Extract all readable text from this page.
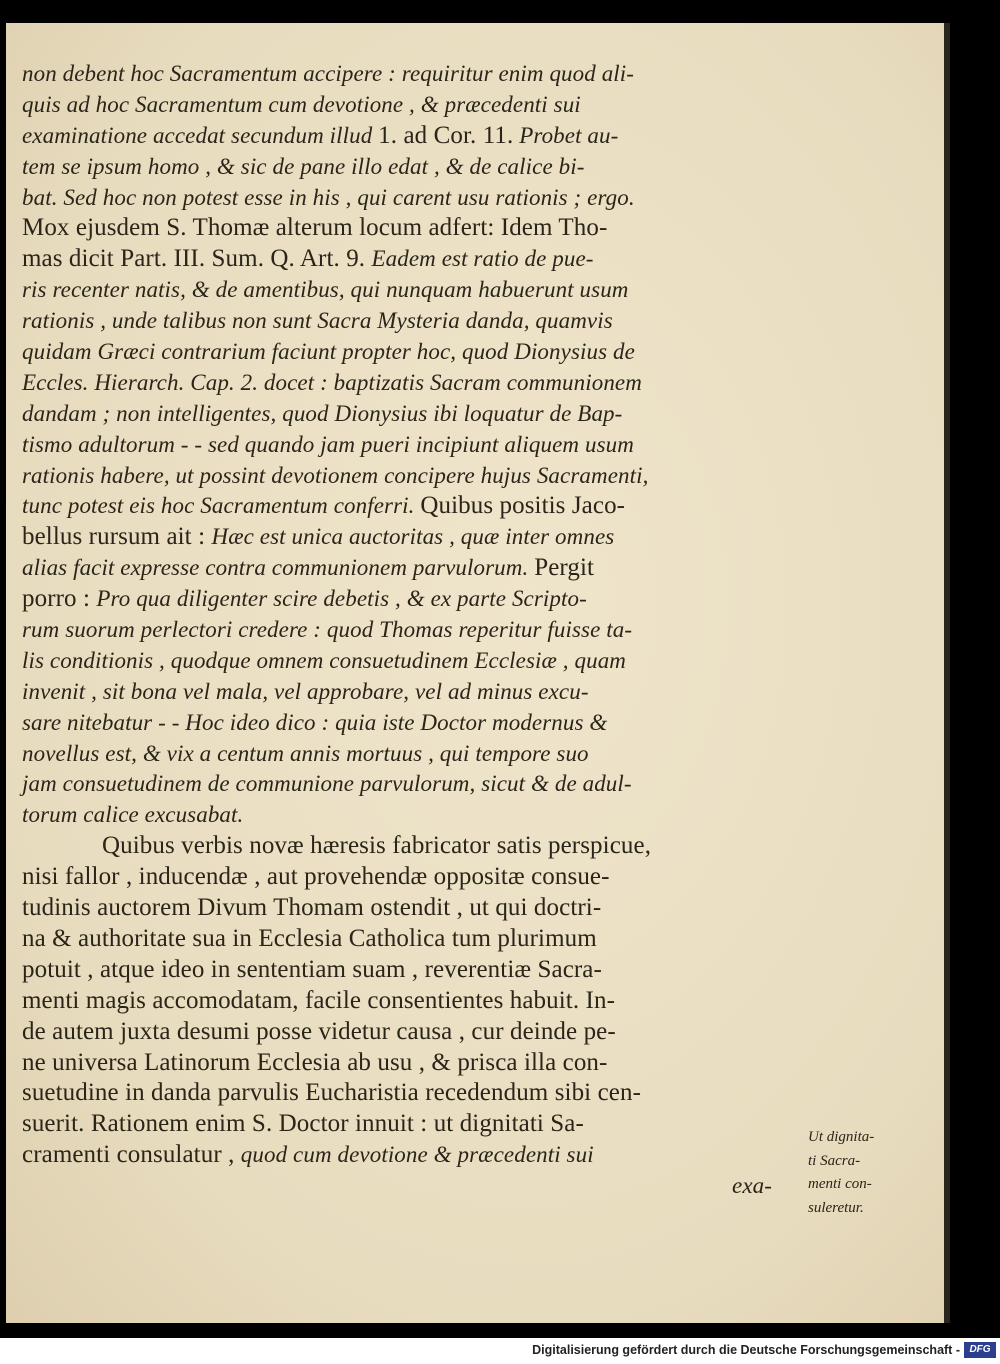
non debent hoc Sacramentum accipere : requiritur enim quod ali-
quis ad hoc Sacramentum cum devotione , & præcedenti sui
examinatione accedat secundum illud 1. ad Cor. 11. Probet au-
tem se ipsum homo , & sic de pane illo edat , & de calice bi-
bat. Sed hoc non potest esse in his , qui carent usu rationis ; ergo.
Mox ejusdem S. Thomæ alterum locum adfert: Idem Tho-
mas dicit Part. III. Sum. Q. Art. 9. Eadem est ratio de pue-
ris recenter natis, & de amentibus, qui nunquam habuerunt usum
rationis , unde talibus non sunt Sacra Mysteria danda, quamvis
quidam Græci contrarium faciunt propter hoc, quod Dionysius de
Eccles. Hierarch. Cap. 2. docet : baptizatis Sacram communionem
dandam ; non intelligentes, quod Dionysius ibi loquatur de Bap-
tismo adultorum - - sed quando jam pueri incipiunt aliquem usum
rationis habere, ut possint devotionem concipere hujus Sacramenti,
tunc potest eis hoc Sacramentum conferri. Quibus positis Jaco-
bellus rursum ait : Hæc est unica auctoritas , quæ inter omnes
alias facit expresse contra communionem parvulorum. Pergit
porro : Pro qua diligenter scire debetis , & ex parte Scripto-
rum suorum perlectori credere : quod Thomas reperitur fuisse ta-
lis conditionis , quodque omnem consuetudinem Ecclesiæ , quam
invenit , sit bona vel mala, vel approbare, vel ad minus excu-
sare nitebatur - - Hoc ideo dico : quia iste Doctor modernus &
novellus est, & vix a centum annis mortuus , qui tempore suo
jam consuetudinem de communione parvulorum, sicut & de adul-
torum calice excusabat.
Quibus verbis novæ hæresis fabricator satis perspicue,
nisi fallor , inducendæ , aut provehendæ oppositæ consue-
tudinis auctorem Divum Thomam ostendit , ut qui doctri-
na & authoritate sua in Ecclesia Catholica tum plurimum
potuit , atque ideo in sententiam suam , reverentiæ Sacra-
menti magis accomodatam, facile consentientes habuit. In-
de autem juxta desumi posse videtur causa , cur deinde pe-
ne universa Latinorum Ecclesia ab usu , & prisca illa con-
suetudine in danda parvulis Eucharistia recedendum sibi cen-
suerit. Rationem enim S. Doctor innuit : ut dignitati Sa-
cramenti consulatur , quod cum devotione & præcedenti sui
exa-
Ut dignita-
ti Sacra-
menti con-
suleretur.
Digitalisierung gefördert durch die Deutsche Forschungsgemeinschaft - DFG
